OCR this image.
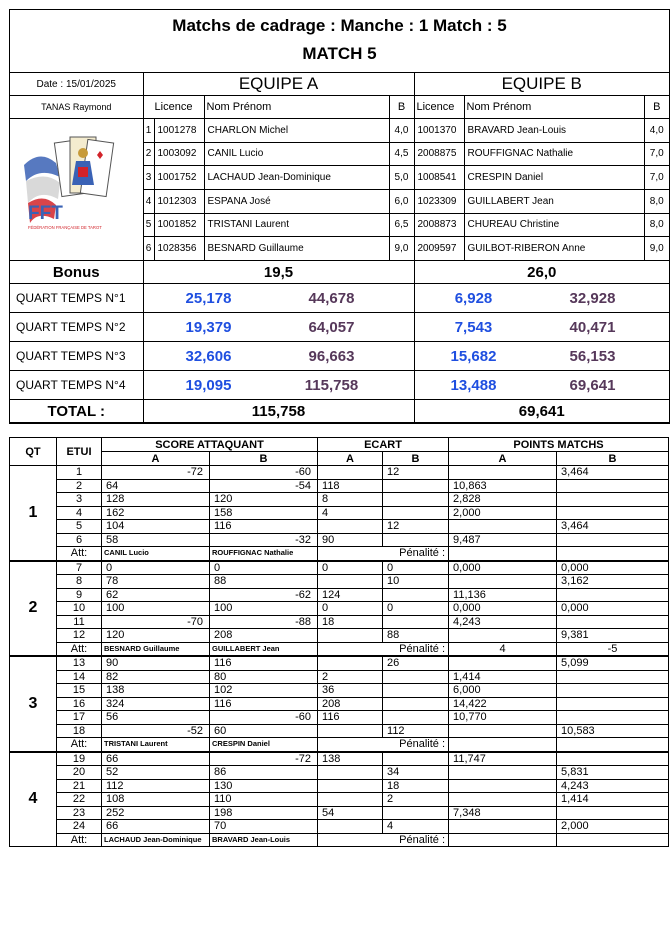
Matchs de cadrage : Manche : 1 Match : 5
MATCH 5
Date : 15/01/2025	EQUIPE A				EQUIPE B		
TANAS Raymond	Licence		Nom Prénom	B	Licence	Nom Prénom	B

FFT
FÉDÉRATION FRANÇAISE DE TAROT	1	1001278	CHARLON Michel	4,0	1001370	BRAVARD Jean-Louis	4,0
	2	1003092	CANIL Lucio	4,5	2008875	ROUFFIGNAC Nathalie	7,0
	3	1001752	LACHAUD Jean-Dominique	5,0	1008541	CRESPIN Daniel	7,0
	4	1012303	ESPANA José	6,0	1023309	GUILLABERT Jean	8,0
	5	1001852	TRISTANI Laurent	6,5	2008873	CHUREAU Christine	8,0
	6	1028356	BESNARD Guillaume	9,0	2009597	GUILBOT-RIBERON Anne	9,0
Bonus	19,5				26,0		
QUART TEMPS N°1	25,178 44,678				6,928 32,928		
QUART TEMPS N°2	19,379 64,057				7,543 40,471		
QUART TEMPS N°3	32,606 96,663				15,682 56,153		
QUART TEMPS N°4	19,095 115,758				13,488 69,641		
TOTAL :	115,758				69,641		
QT	ETUI	SCORE ATTAQUANT				ECART		POINTS MATCHS	
		A		B		A	B	A	B
1	1		-72		-60		12		3,464
	2	64			-54	118		10,863	
	3	128		120		8		2,828	
	4	162		158		4		2,000	
	5	104		116			12		3,464
	6	58			-32	90		9,487	
	Att:	CANIL Lucio		ROUFFIGNAC Nathalie		Pénalité :			
2	7	0		0		0	0	0,000	0,000
	8	78		88			10		3,162
	9	62			-62	124		11,136	
	10	100		100		0	0	0,000	0,000
	11		-70		-88	18		4,243	
	12	120		208			88		9,381
	Att:	BESNARD Guillaume		GUILLABERT Jean		Pénalité :		4	-5
3	13	90		116			26		5,099
	14	82		80		2		1,414	
	15	138		102		36		6,000	
	16	324		116		208		14,422	
	17	56			-60	116		10,770	
	18		-52	60			112		10,583
	Att:	TRISTANI Laurent		CRESPIN Daniel		Pénalité :			
4	19	66			-72	138		11,747	
	20	52		86			34		5,831
	21	112		130			18		4,243
	22	108		110			2		1,414
	23	252		198		54		7,348	
	24	66		70			4		2,000
	Att:	LACHAUD Jean-Dominique		BRAVARD Jean-Louis		Pénalité :			
